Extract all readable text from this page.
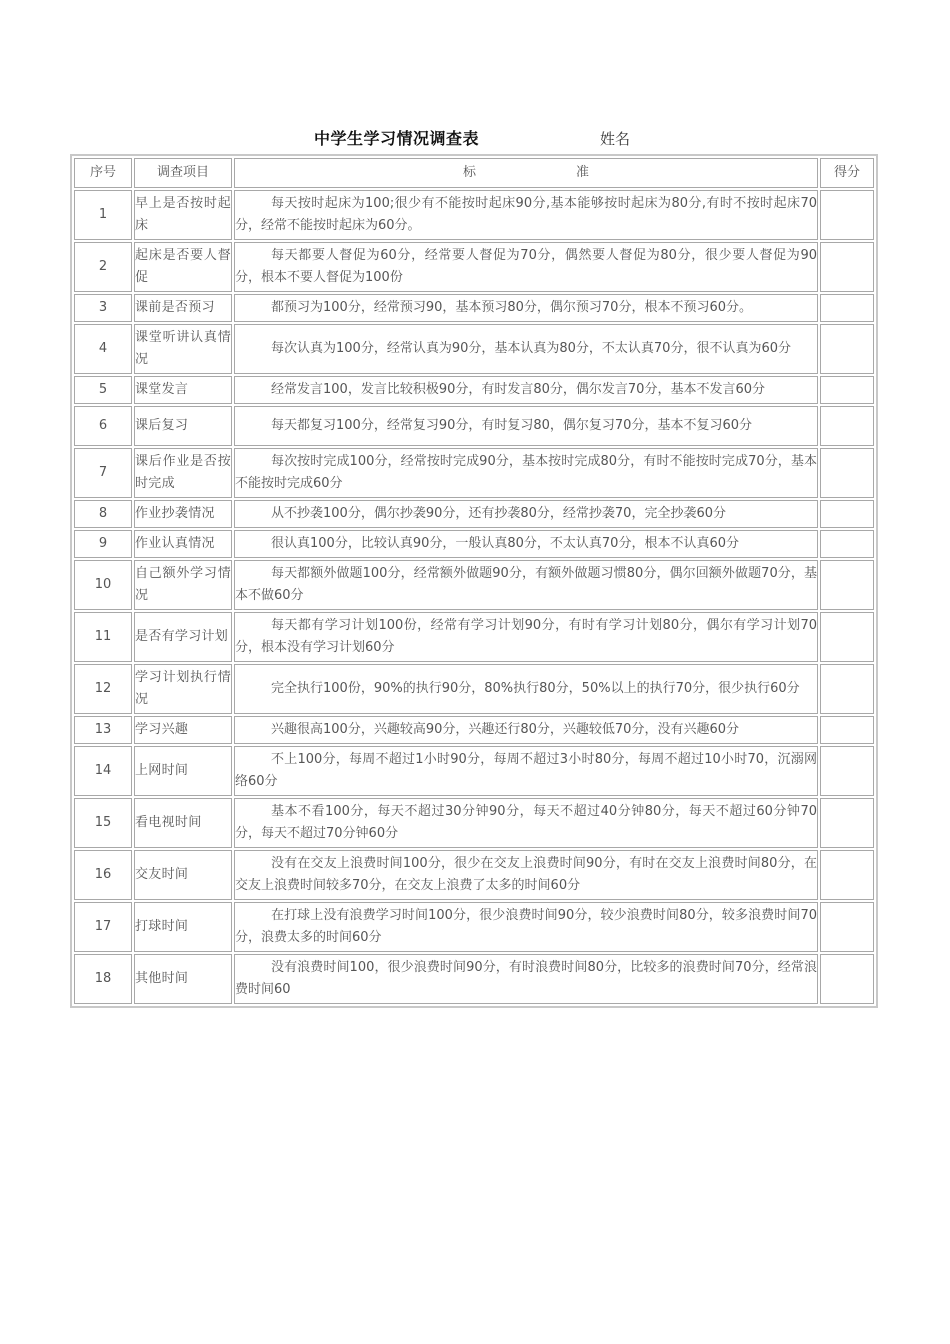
中学生学习情况调查表	姓名
序号	调查项目	标 准	得分
1	早上是否按时起床	每天按时起床为100;很少有不能按时起床90分,基本能够按时起床为80分,有时不按时起床70分，经常不能按时起床为60分。	
2	起床是否要人督促	每天都要人督促为60分，经常要人督促为70分，偶然要人督促为80分，很少要人督促为90分，根本不要人督促为100份	
3	课前是否预习	都预习为100分，经常预习90，基本预习80分，偶尔预习70分，根本不预习60分。	
4	课堂听讲认真情况	每次认真为100分，经常认真为90分，基本认真为80分，不太认真70分，很不认真为60分	
5	课堂发言	经常发言100，发言比较积极90分，有时发言80分，偶尔发言70分，基本不发言60分	
6	课后复习	每天都复习100分，经常复习90分，有时复习80，偶尔复习70分，基本不复习60分	
7	课后作业是否按时完成	每次按时完成100分，经常按时完成90分，基本按时完成80分，有时不能按时完成70分，基本不能按时完成60分	
8	作业抄袭情况	从不抄袭100分，偶尔抄袭90分，还有抄袭80分，经常抄袭70，完全抄袭60分	
9	作业认真情况	很认真100分，比较认真90分，一般认真80分，不太认真70分，根本不认真60分	
10	自己额外学习情况	每天都额外做题100分，经常额外做题90分，有额外做题习惯80分，偶尔回额外做题70分，基本不做60分	
11	是否有学习计划	每天都有学习计划100份，经常有学习计划90分，有时有学习计划80分，偶尔有学习计划70分，根本没有学习计划60分	
12	学习计划执行情况	完全执行100份，90%的执行90分，80%执行80分，50%以上的执行70分，很少执行60分	
13	学习兴趣	兴趣很高100分，兴趣较高90分，兴趣还行80分，兴趣较低70分，没有兴趣60分	
14	上网时间	不上100分，每周不超过1小时90分，每周不超过3小时80分，每周不超过10小时70，沉溺网络60分	
15	看电视时间	基本不看100分，每天不超过30分钟90分，每天不超过40分钟80分，每天不超过60分钟70分，每天不超过70分钟60分	
16	交友时间	没有在交友上浪费时间100分，很少在交友上浪费时间90分，有时在交友上浪费时间80分，在交友上浪费时间较多70分，在交友上浪费了太多的时间60分	
17	打球时间	在打球上没有浪费学习时间100分，很少浪费时间90分，较少浪费时间80分，较多浪费时间70分，浪费太多的时间60分	
18	其他时间	没有浪费时间100，很少浪费时间90分，有时浪费时间80分，比较多的浪费时间70分，经常浪费时间60	
